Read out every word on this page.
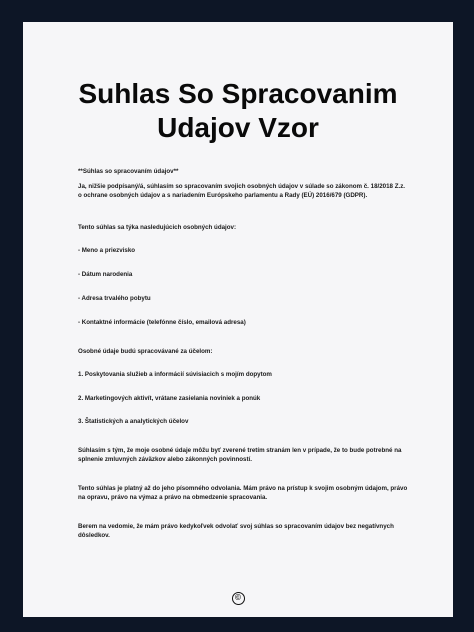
Suhlas So Spracovanim
Udajov Vzor

**Súhlas so spracovaním údajov**

Ja, nižšie podpísaný/á, súhlasím so spracovaním svojich osobných údajov v súlade so zákonom č. 18/2018 Z.z. o ochrane osobných údajov a s nariadením Európskeho parlamentu a Rady (EÚ) 2016/679 (GDPR).

Tento súhlas sa týka nasledujúcich osobných údajov:

- Meno a priezvisko

- Dátum narodenia

- Adresa trvalého pobytu

- Kontaktné informácie (telefónne číslo, emailová adresa)

Osobné údaje budú spracovávané za účelom:

1. Poskytovania služieb a informácií súvisiacich s mojím dopytom

2. Marketingových aktivít, vrátane zasielania noviniek a ponúk

3. Štatistických a analytických účelov

Súhlasím s tým, že moje osobné údaje môžu byť zverené tretím stranám len v prípade, že to bude potrebné na splnenie zmluvných záväzkov alebo zákonných povinností.

Tento súhlas je platný až do jeho písomného odvolania. Mám právo na prístup k svojim osobným údajom, právo na opravu, právo na výmaz a právo na obmedzenie spracovania.

Berem na vedomie, že mám právo kedykoľvek odvolať svoj súhlas so spracovaním údajov bez negatívnych dôsledkov.

©
